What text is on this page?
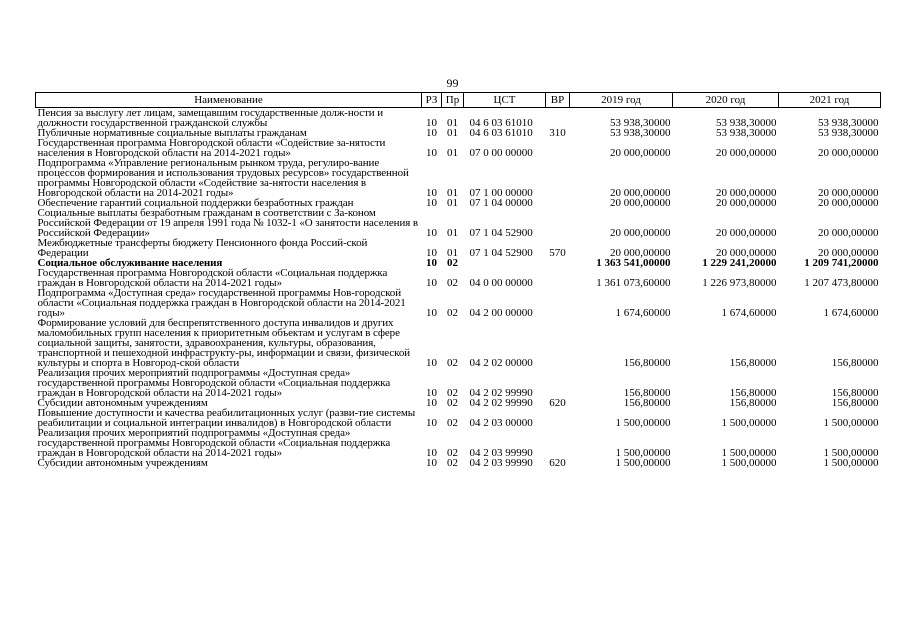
99
Наименование	РЗ	Пр	ЦСТ	ВР	2019 год	2020 год	2021 год
Пенсия за выслугу лет лицам, замещавшим государственные долж-ности и должности государственной гражданской службы	10	01	04 6 03 61010		53 938,30000	53 938,30000	53 938,30000
Публичные нормативные социальные выплаты гражданам	10	01	04 6 03 61010	310	53 938,30000	53 938,30000	53 938,30000
Государственная программа Новгородской области «Содействие за-нятости населения в Новгородской области на 2014-2021 годы»	10	01	07 0 00 00000		20 000,00000	20 000,00000	20 000,00000
Подпрограмма «Управление региональным рынком труда, регулиро-вание процессов формирования и использования трудовых ресурсов» государственной программы Новгородской области «Содействие за-нятости населения в Новгородской области на 2014-2021 годы»	10	01	07 1 00 00000		20 000,00000	20 000,00000	20 000,00000
Обеспечение гарантий социальной поддержки безработных граждан	10	01	07 1 04 00000		20 000,00000	20 000,00000	20 000,00000
Социальные выплаты безработным гражданам в соответствии с За-коном Российской Федерации от 19 апреля 1991 года № 1032-1 «О занятости населения в Российской Федерации»	10	01	07 1 04 52900		20 000,00000	20 000,00000	20 000,00000
Межбюджетные трансферты бюджету Пенсионного фонда Россий-ской Федерации	10	01	07 1 04 52900	570	20 000,00000	20 000,00000	20 000,00000
Социальное обслуживание населения	10	02			1 363 541,00000	1 229 241,20000	1 209 741,20000
Государственная программа Новгородской области «Социальная поддержка граждан в Новгородской области на 2014-2021 годы»	10	02	04 0 00 00000		1 361 073,60000	1 226 973,80000	1 207 473,80000
Подпрограмма «Доступная среда» государственной программы Нов-городской области «Социальная поддержка граждан в Новгородской области на 2014-2021 годы»	10	02	04 2 00 00000		1 674,60000	1 674,60000	1 674,60000
Формирование условий для беспрепятственного доступа инвалидов и других маломобильных групп населения к приоритетным объектам и услугам в сфере социальной защиты, занятости, здравоохранения, культуры, образования, транспортной и пешеходной инфраструкту-ры, информации и связи, физической культуры и спорта в Новгород-ской области	10	02	04 2 02 00000		156,80000	156,80000	156,80000
Реализация прочих мероприятий подпрограммы «Доступная среда» государственной программы Новгородской области «Социальная поддержка граждан в Новгородской области на 2014-2021 годы»	10	02	04 2 02 99990		156,80000	156,80000	156,80000
Субсидии автономным учреждениям	10	02	04 2 02 99990	620	156,80000	156,80000	156,80000
Повышение доступности и качества реабилитационных услуг (разви-тие системы реабилитации и социальной интеграции инвалидов) в Новгородской области	10	02	04 2 03 00000		1 500,00000	1 500,00000	1 500,00000
Реализация прочих мероприятий подпрограммы «Доступная среда» государственной программы Новгородской области «Социальная поддержка граждан в Новгородской области на 2014-2021 годы»	10	02	04 2 03 99990		1 500,00000	1 500,00000	1 500,00000
Субсидии автономным учреждениям	10	02	04 2 03 99990	620	1 500,00000	1 500,00000	1 500,00000
